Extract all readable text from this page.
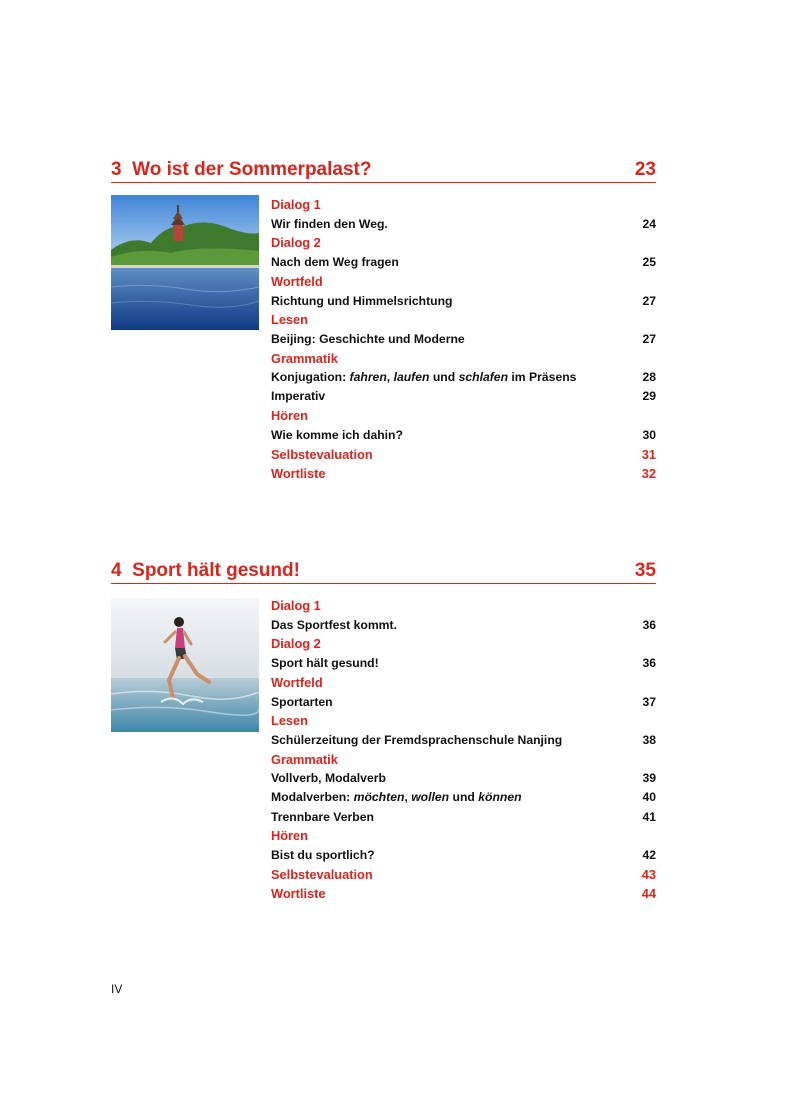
3 Wo ist der Sommerpalast?	23
Dialog 1
Wir finden den Weg.	24
Dialog 2
Nach dem Weg fragen	25
Wortfeld
Richtung und Himmelsrichtung	27
Lesen
Beijing: Geschichte und Moderne	27
Grammatik
Konjugation: fahren, laufen und schlafen im Präsens	28
Imperativ	29
Hören
Wie komme ich dahin?	30
Selbstevaluation	31
Wortliste	32
4 Sport hält gesund!	35
Dialog 1
Das Sportfest kommt.	36
Dialog 2
Sport hält gesund!	36
Wortfeld
Sportarten	37
Lesen
Schülerzeitung der Fremdsprachenschule Nanjing	38
Grammatik
Vollverb, Modalverb	39
Modalverben: möchten, wollen und können	40
Trennbare Verben	41
Hören
Bist du sportlich?	42
Selbstevaluation	43
Wortliste	44
IV
